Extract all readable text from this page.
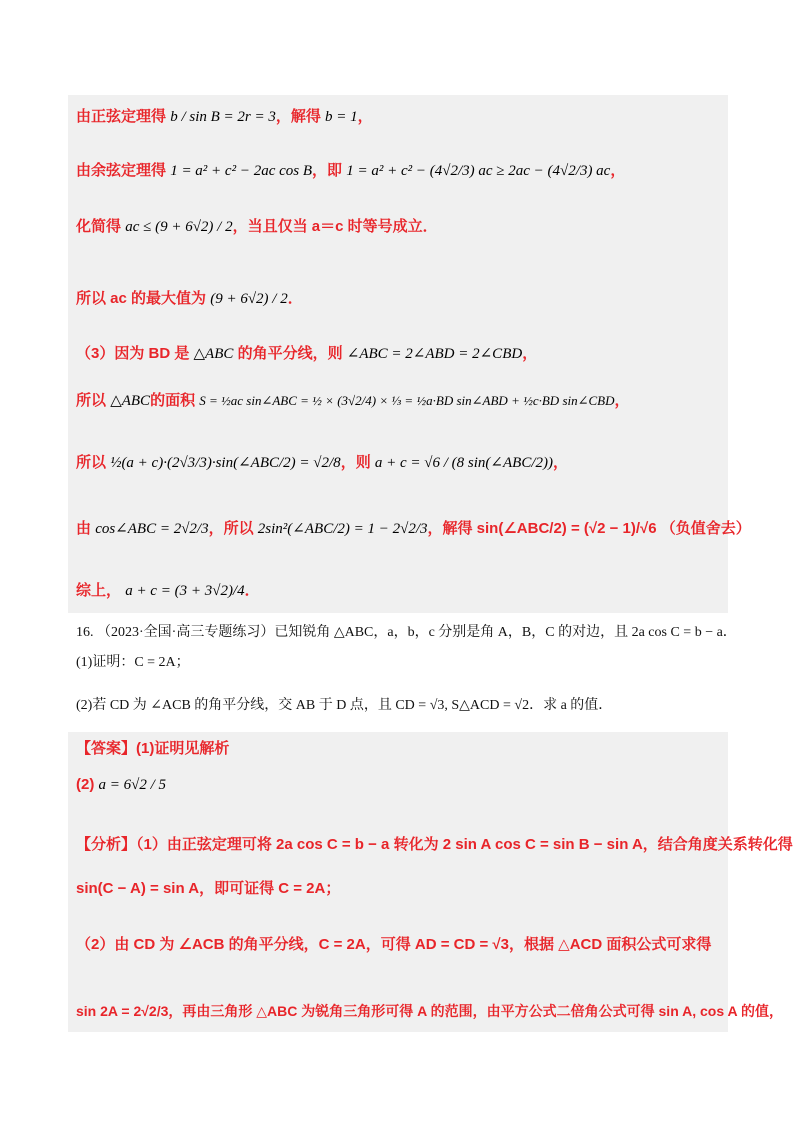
由正弦定理得 b / sin B = 2r = 3，解得 b = 1，
由余弦定理得 1 = a² + c² − 2ac cos B，即 1 = a² + c² − (4√2/3) ac ≥ 2ac − (4√2/3) ac，
化简得 ac ≤ (9 + 6√2) / 2，当且仅当 a＝c 时等号成立．
所以 ac 的最大值为 (9 + 6√2) / 2．
（3）因为 BD 是 △ABC 的角平分线，则 ∠ABC = 2∠ABD = 2∠CBD，
所以 △ABC的面积 S = ½ac sin∠ABC = ½ × (3√2/4) × ⅓ = ½a·BD sin∠ABD + ½c·BD sin∠CBD，
所以 ½(a + c)·(2√3/3)·sin(∠ABC/2) = √2/8，则 a + c = √6 / (8 sin(∠ABC/2))，
由 cos∠ABC = 2√2/3，所以 2sin²(∠ABC/2) = 1 − 2√2/3，解得 sin(∠ABC/2) = (√2 − 1)/√6 （负值舍去）
综上， a + c = (3 + 3√2)/4．
16. （2023·全国·高三专题练习）已知锐角 △ABC，a，b，c 分别是角 A，B，C 的对边，且 2a cos C = b − a．
(1)证明：C = 2A；
(2)若 CD 为 ∠ACB 的角平分线，交 AB 于 D 点，且 CD = √3, S△ACD = √2．求 a 的值．
【答案】(1)证明见解析
(2) a = 6√2 / 5
【分析】（1）由正弦定理可将 2a cos C = b − a 转化为 2 sin A cos C = sin B − sin A，结合角度关系转化得
sin(C − A) = sin A，即可证得 C = 2A；
（2）由 CD 为 ∠ACB 的角平分线，C = 2A，可得 AD = CD = √3，根据 △ACD 面积公式可求得
sin 2A = 2√2/3，再由三角形 △ABC 为锐角三角形可得 A 的范围，由平方公式二倍角公式可得 sin A, cos A 的值，
